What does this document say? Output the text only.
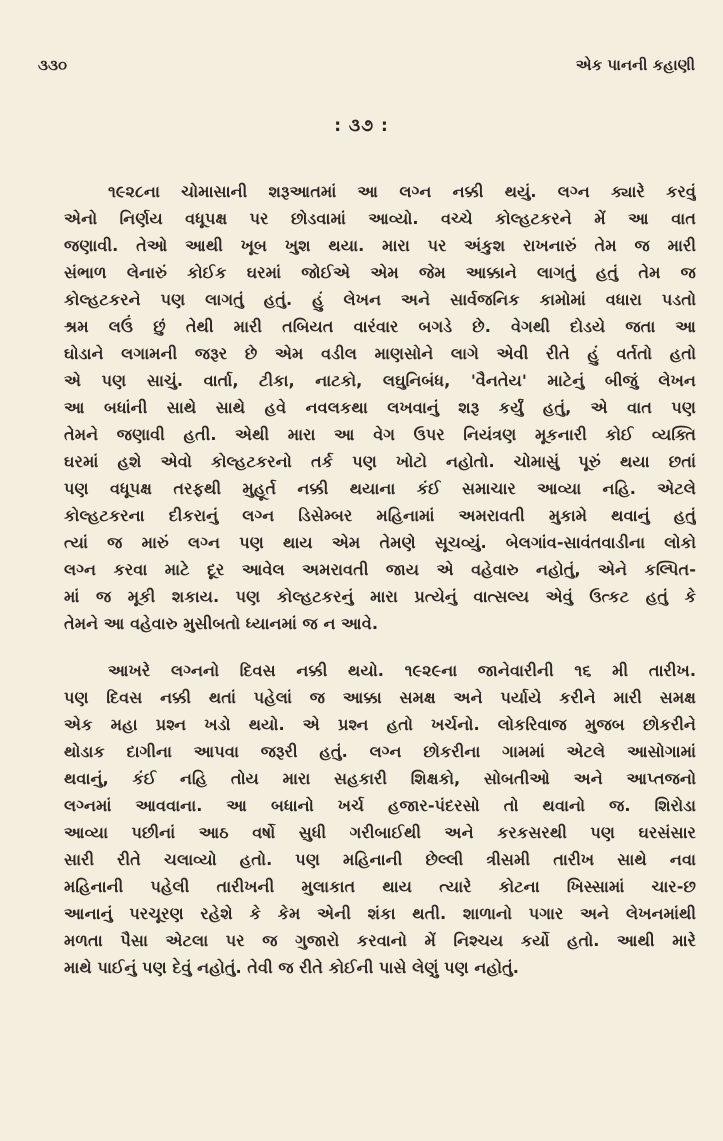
૩૩૦	એક પાનની કહાણી
: ૩૭ :
૧૯૨૮ના ચોમાસાની શરૂઆતમાં આ લગ્ન નક્કી થયું. લગ્ન ક્યારે કરવું
એનો નિર્ણય વધૂપક્ષ પર છોડવામાં આવ્યો. વચ્ચે કોલ્હટકરને મેં આ વાત
જણાવી. તેઓ આથી ખૂબ ખુશ થયા. મારા પર અંકુશ રાખનારું તેમ જ મારી
સંભાળ લેનારું કોઈક ઘરમાં જોઈએ એમ જેમ આક્કાને લાગતું હતું તેમ જ
કોલ્હટકરને પણ લાગતું હતું. હું લેખન અને સાર્વજનિક કામોમાં વધારા પડતો
શ્રમ લઉં છું તેથી મારી તબિયત વારંવાર બગડે છે. વેગથી દોડયે જતા આ
ઘોડાને લગામની જરૂર છે એમ વડીલ માણસોને લાગે એવી રીતે હું વર્તતો હતો
એ પણ સાચું. વાર્તા, ટીકા, નાટકો, લઘુનિબંધ, 'વૈનતેય' માટેનું બીજું લેખન
આ બધાંની સાથે સાથે હવે નવલકથા લખવાનું શરૂ કર્યું હતું, એ વાત પણ
તેમને જણાવી હતી. એથી મારા આ વેગ ઉપર નિયંત્રણ મૂકનારી કોઈ વ્યક્તિ
ઘરમાં હશે એવો કોલ્હટકરનો તર્ક પણ ખોટો નહોતો. ચોમાસું પૂરું થયા છતાં
પણ વધૂપક્ષ તરફથી મુહૂર્ત નક્કી થયાના કંઈ સમાચાર આવ્યા નહિ. એટલે
કોલ્હટકરના દીકરાનું લગ્ન ડિસેમ્બર મહિનામાં અમરાવતી મુકામે થવાનું હતું
ત્યાં જ મારું લગ્ન પણ થાય એમ તેમણે સૂચવ્યું. બેલગાંવ-સાવંતવાડીના લોકો
લગ્ન કરવા માટે દૂર આવેલ અમરાવતી જાય એ વહેવારુ નહોતું, એને કલ્પિત-
માં જ મૂકી શકાય. પણ કોલ્હટકરનું મારા પ્રત્યેનું વાત્સલ્ય એવું ઉત્કટ હતું કે
તેમને આ વહેવારુ મુસીબતો ધ્યાનમાં જ ન આવે.
આખરે લગ્નનો દિવસ નક્કી થયો. ૧૯૨૯ના જાનેવારીની ૧૬ મી તારીખ.
પણ દિવસ નક્કી થતાં પહેલાં જ આક્કા સમક્ષ અને પર્યાયે કરીને મારી સમક્ષ
એક મહા પ્રશ્ન ખડો થયો. એ પ્રશ્ન હતો ખર્ચનો. લોકરિવાજ મુજબ છોકરીને
થોડાક દાગીના આપવા જરૂરી હતું. લગ્ન છોકરીના ગામમાં એટલે આસોગામાં
થવાનું, કંઈ નહિ તોય મારા સહકારી શિક્ષકો, સોબતીઓ અને આપ્તજનો
લગ્નમાં આવવાના. આ બધાનો ખર્ચ હજાર-પંદરસો તો થવાનો જ. શિરોડા
આવ્યા પછીનાં આઠ વર્ષો સુધી ગરીબાઈથી અને કરકસરથી પણ ઘરસંસાર
સારી રીતે ચલાવ્યો હતો. પણ મહિનાની છેલ્લી ત્રીસમી તારીખ સાથે નવા
મહિનાની પહેલી તારીખની મુલાકાત થાય ત્યારે કોટના ખિસ્સામાં ચાર-છ
આનાનું પરચૂરણ રહેશે કે કેમ એની શંકા થતી. શાળાનો પગાર અને લેખનમાંથી
મળતા પૈસા એટલા પર જ ગુજારો કરવાનો મેં નિશ્ચય કર્યો હતો. આથી મારે
માથે પાઈનું પણ દેવું નહોતું. તેવી જ રીતે કોઈની પાસે લેણું પણ નહોતું.
